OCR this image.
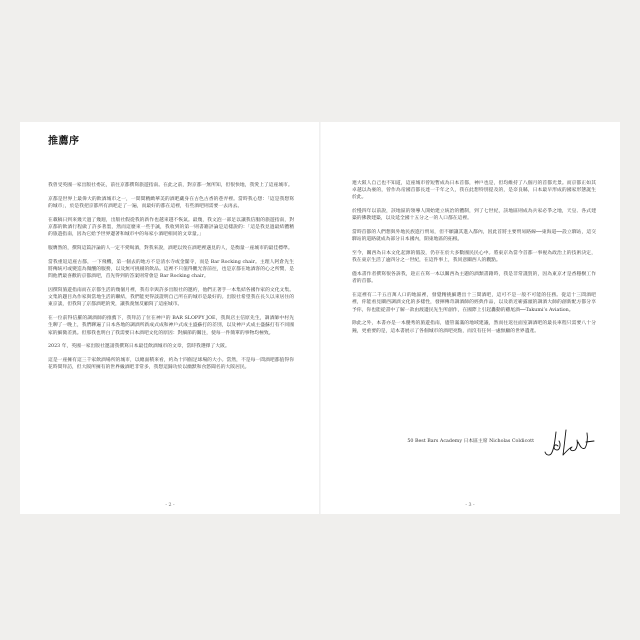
推薦序

我曾受英國一家出版社委託，前往京都撰寫旅遊指南。在此之前，對京都一無所知，但很快地，我愛上了這座城市。

京都是世界上最偉大的飲酒城市之一，一間間精緻華美的酒吧藏身在古色古香的巷弄裡。當時我心想：「這是我想寫的城市」，於是我把京都所有酒吧走了一遍，而最好的都在這裡，有些酒吧則需要一去再去。

在載稿日到來幾天過了幾週，出版社假從我的新作也越來越不恢氣。最幾，我文泡一部足以讓我信服的旅遊指南，對京都的飲酒行程做了許多著墨，然而這麼來一些手誠，我收到的第一則書籍評論是這樣說的：「這是我見過最結體精的旅遊指南，因為它給予世界邊著和城市中的每家小酒吧相同的文章量。」

服膺然的，撰寫這篇評論的人一定不愛喝酒，對我來說，酒吧以致在酒吧裡遇見的人，是衡量一座城市的最佳標準。

當我重返這座古都，一下飛機，第一個去的地方不是清水寺或金閣寺，而是 Bar Rocking chair。主理人阿倉先生將傳統可或變造為微醺的服務，以及無可挑剔的飲品。這裡不只值得觀光客前往，也是京都在地酒客的心之所嚮，是問他們最喜歡的京都酒吧，首先得到的答案則常會是 Bar Rocking chair。

因撰寫旅遊指南而在京都生活的幾個月裡，我有幸與許多出版社的邀約，他們正著手一本集結各國作家的文化文集。文集的題目為作家與當地生活的聯結，我們能更得談證明自己所在的城市是最好的。出版社希望我在長久以來居住的東京談，但我寫了京都酒吧的愛，讓我義無反顧寫了這座城市。

在一位前得信羅的調酒師的推薦下，我拜訪了位在神戶的 BAR SLOPPY JOE，我與店主信原先生，調酒師中村先生聊了一晚上，我們聊遍了日本各地的調酒所新成式成和神戶式成主盛蘇打的差別，以及神戶式成主盛蘇打有不同國家的細微差異。但那我也明白了我需要日本酒吧文化的原因：對細節的關注，使每一件簡單的事物均極致。

2023 年，英國一家出版社邀請我撰寫日本最佳飲酒城市的文章，當時我選擇了大阪。

這是一座擁有這三千家飲酒場所的城市，以總面積來看，約為十四個足球場的大小。當然，不是每一間酒吧都值得你花時間拜訪，但大阪所擁有的世界級酒吧非常多，我想這歸功於以幽默和食慾聞名的大阪居民。

- 2 -

連大阪人自己也不知道，這座城市曾短暫成為日本首都，神戶也是，但均維持了八個月的首都光景。而京都正如其卓越以為豪的，曾作為帝國首都長達一千年之久，我在此想特別提及的，是奈良縣，日本最早形成的國家形態誕生於此。

於慢四年以前說，該地區的領導人開始建立統治的體制，到了七世紀，該地區則成為兵家必爭之地，天皇、各式建築的佛教建築，以及延全國十五分之一的人口都在這裡。

當時首都的人們想與外地民族進行貿易，但不願讓其進入都內，因此首將主要貿易路線──東海道──設立驛站，這交驛站的道路就成為部分日本國內，開東地區的拓根。

至今，關西為日本文化起源的假設，仍存在於大多數國民民心中。將東京為當今首都一事視為政治上的技術決定，我在東京生活了逾四分之一世紀，在這件事上，我同意關西人的觀點。

儘本書作者撰寫很各訴我，趁正在寫一本以關西為主題的酒類書籍時，我是非常謹賀的，因為東京才是香穩樹工作者的首都。

在這裡有二千五百萬人口的地區裡，發覺精挑細選出十三間酒吧，這可不是一般不可能的任務。從這十三間酒吧裡，你能看見關西調酒文化的多樣性，發揮傳奇調酒師的經典作品，以及新近嶄露頭的調酒大師的創新配方都分享予你，你也能從書中了解一款由渡邊民先生所創作，在國際上引起轟動的雞尾酒──Takumi’s Aviation。

除此之外，本書亦是一本優秀的旅遊指南，儘管滿滿的地域建議，然而往返往面室調酒吧的最長車程只需要八十分鐘，更重要的是，這本書展示了各個城市的酒吧亮點，而沒有任何一處無顧的世界遺產。

50 Best Bars Academy 日本區主席 Nicholas Coldicott
- 3 -
